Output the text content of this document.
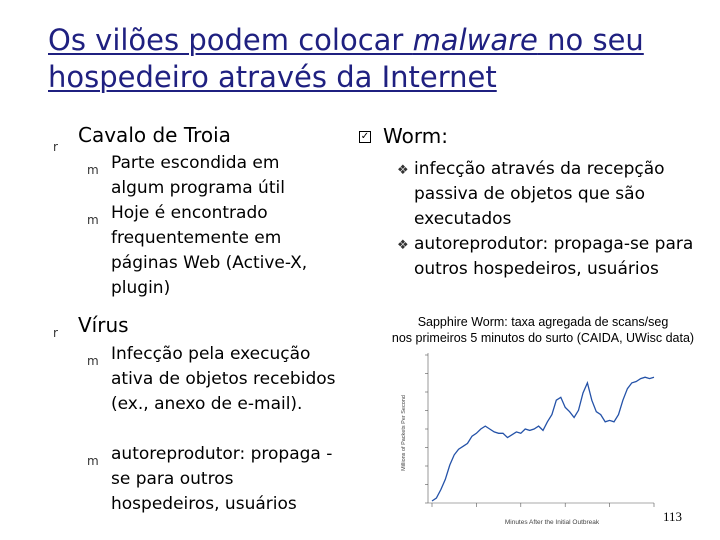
Os vilões podem colocar malware no seu hospedeiro através da Internet
r Cavalo de Troia
m Parte escondida em algum programa útil
m Hoje é encontrado frequentemente em páginas Web (Active-X, plugin)
r Vírus
m Infecção pela execução ativa de objetos recebidos (ex., anexo de e-mail).
m autoreprodutor: propaga -se para outros hospedeiros, usuários
✓ Worm:
❖ infecção através da recepção passiva de objetos que são executados
❖ autoreprodutor: propaga-se para outros hospedeiros, usuários
Sapphire Worm: taxa agregada de scans/seg
nos primeiros 5 minutos do surto (CAIDA, UWisc data)
Millions of Packets Per Second
Minutes After the Initial Outbreak	113
